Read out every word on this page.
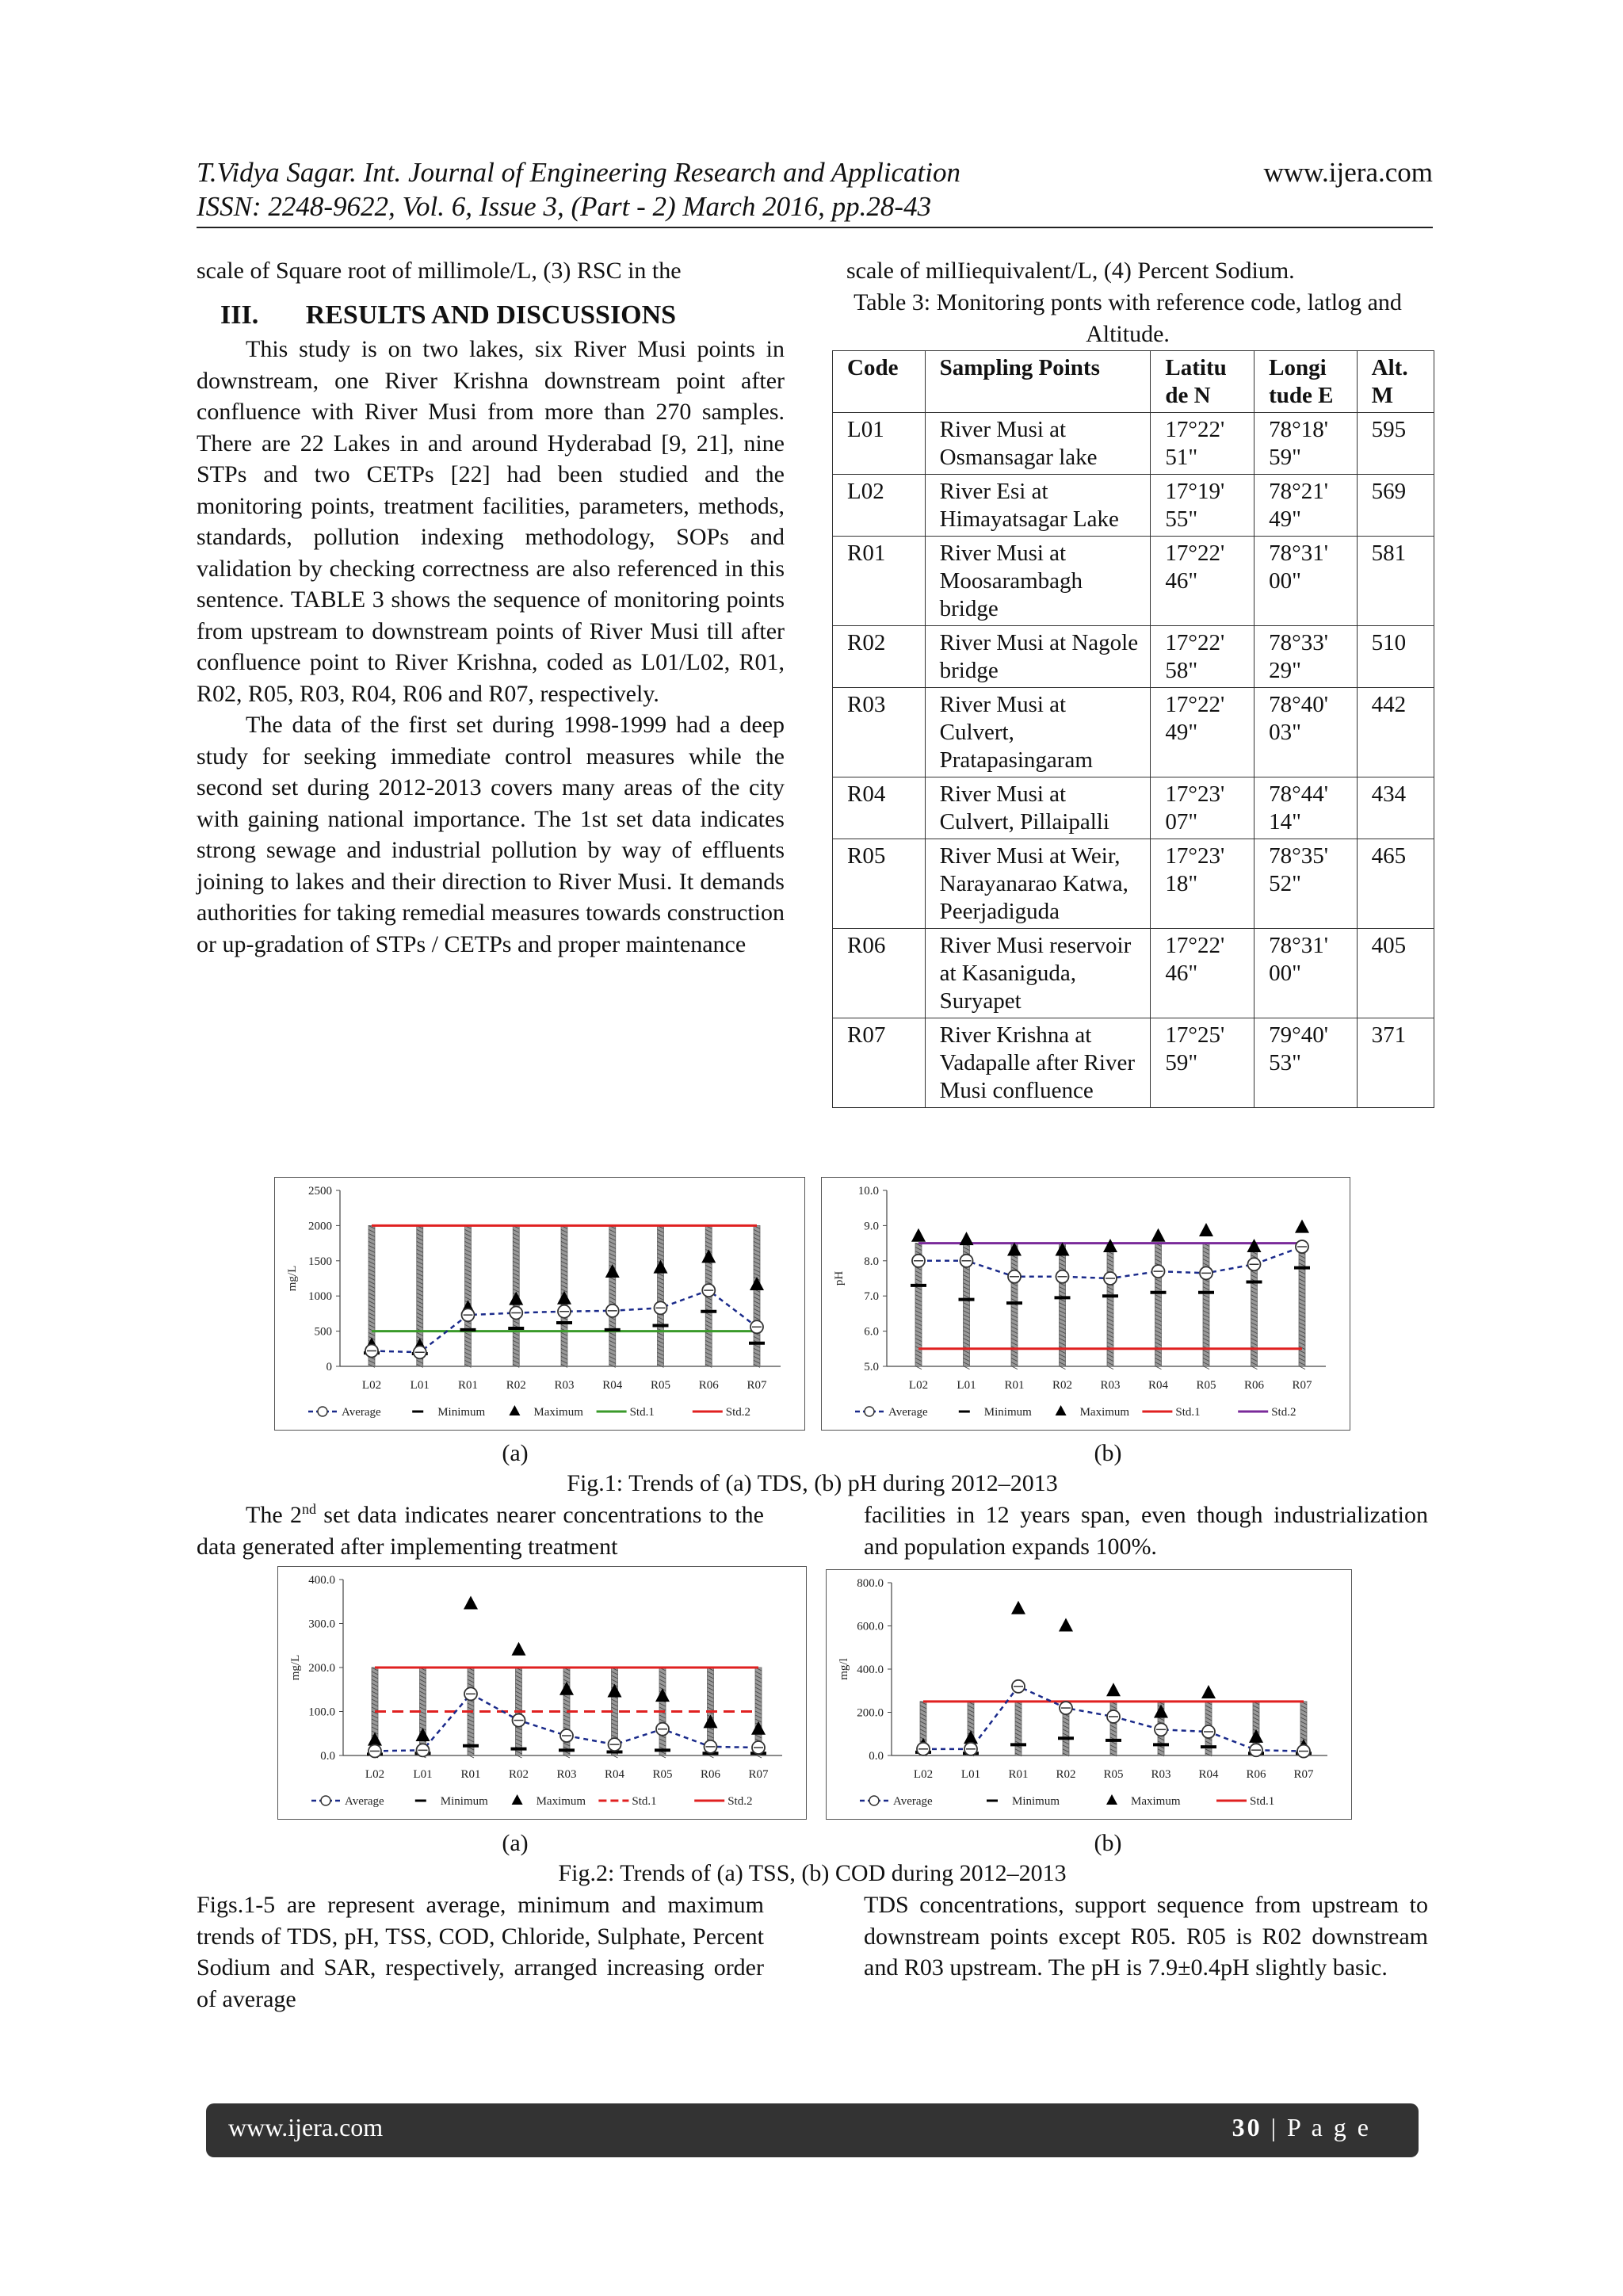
T.Vidya Sagar. Int. Journal of Engineering Research and Application	www.ijera.com
ISSN: 2248-9622, Vol. 6, Issue 3, (Part - 2) March 2016, pp.28-43

scale of Square root of millimole/L, (3) RSC in the

III.       RESULTS AND DISCUSSIONS

This study is on two lakes, six River Musi points in downstream, one River Krishna downstream point after confluence with River Musi from more than 270 samples. There are 22 Lakes in and around Hyderabad [9, 21], nine STPs and two CETPs [22] had been studied and the monitoring points, treatment facilities, parameters, methods, standards, pollution indexing methodology, SOPs and validation by checking correctness are also referenced in this sentence. TABLE 3 shows the sequence of monitoring points from upstream to downstream points of River Musi till after confluence point to River Krishna, coded as L01/L02, R01, R02, R05, R03, R04, R06 and R07, respectively.

The data of the first set during 1998-1999 had a deep study for seeking immediate control measures while the second set during 2012-2013 covers many areas of the city with gaining national importance. The 1st set data indicates strong sewage and industrial pollution by way of effluents joining to lakes and their direction to River Musi. It demands authorities for taking remedial measures towards construction or up-gradation of STPs / CETPs and proper maintenance

scale of milIiequivalent/L, (4) Percent Sodium.

Table 3: Monitoring ponts with reference code, latlog and Altitude.
Code	Sampling Points	Latitu de N	Longi tude E	Alt. M
L01	River Musi at Osmansagar lake	17°22' 51"	78°18' 59"	595
L02	River Esi at Himayatsagar Lake	17°19' 55"	78°21' 49"	569
R01	River Musi at Moosarambagh bridge	17°22' 46"	78°31' 00"	581
R02	River Musi at Nagole bridge	17°22' 58"	78°33' 29"	510
R03	River Musi at Culvert, Pratapasingaram	17°22' 49"	78°40' 03"	442
R04	River Musi at Culvert, Pillaipalli	17°23' 07"	78°44' 14"	434
R05	River Musi at Weir, Narayanarao Katwa, Peerjadiguda	17°23' 18"	78°35' 52"	465
R06	River Musi reservoir at Kasaniguda, Suryapet	17°22' 46"	78°31' 00"	405
R07	River Krishna at Vadapalle after River Musi confluence	17°25' 59"	79°40' 53"	371
0
500
1000
1500
2000
2500
mg/L
L02 L01 R01 R02 R03 R04 R05 R06 R07
Average	Minimum	Maximum	Std.1	Std.2
5.0
6.0
7.0
8.0
9.0
10.0
pH
L02 L01 R01 R02 R03 R04 R05 R06 R07
Average	Minimum	Maximum	Std.1	Std.2
(a)	(b)
Fig.1: Trends of (a) TDS, (b) pH during 2012–2013

The 2nd set data indicates nearer concentrations to the data generated after implementing treatment

facilities in 12 years span, even though industrialization and population expands 100%.

0.0
100.0
200.0
300.0
400.0
mg/L
L02 L01 R01 R02 R03 R04 R05 R06 R07
Average	Minimum	Maximum	Std.1	Std.2
0.0
200.0
400.0
600.0
800.0
mg/l
L02 L01 R01 R02 R05 R03 R04 R06 R07
Average	Minimum	Maximum	Std.1
(a)	(b)
Fig.2: Trends of (a) TSS, (b) COD during 2012–2013

Figs.1-5 are represent average, minimum and maximum trends of TDS, pH, TSS, COD, Chloride, Sulphate, Percent Sodium and SAR, respectively, arranged increasing order of average

TDS concentrations, support sequence from upstream to downstream points except R05. R05 is R02 downstream and R03 upstream. The pH is 7.9±0.4pH slightly basic.

www.ijera.com	30 | P a g e
